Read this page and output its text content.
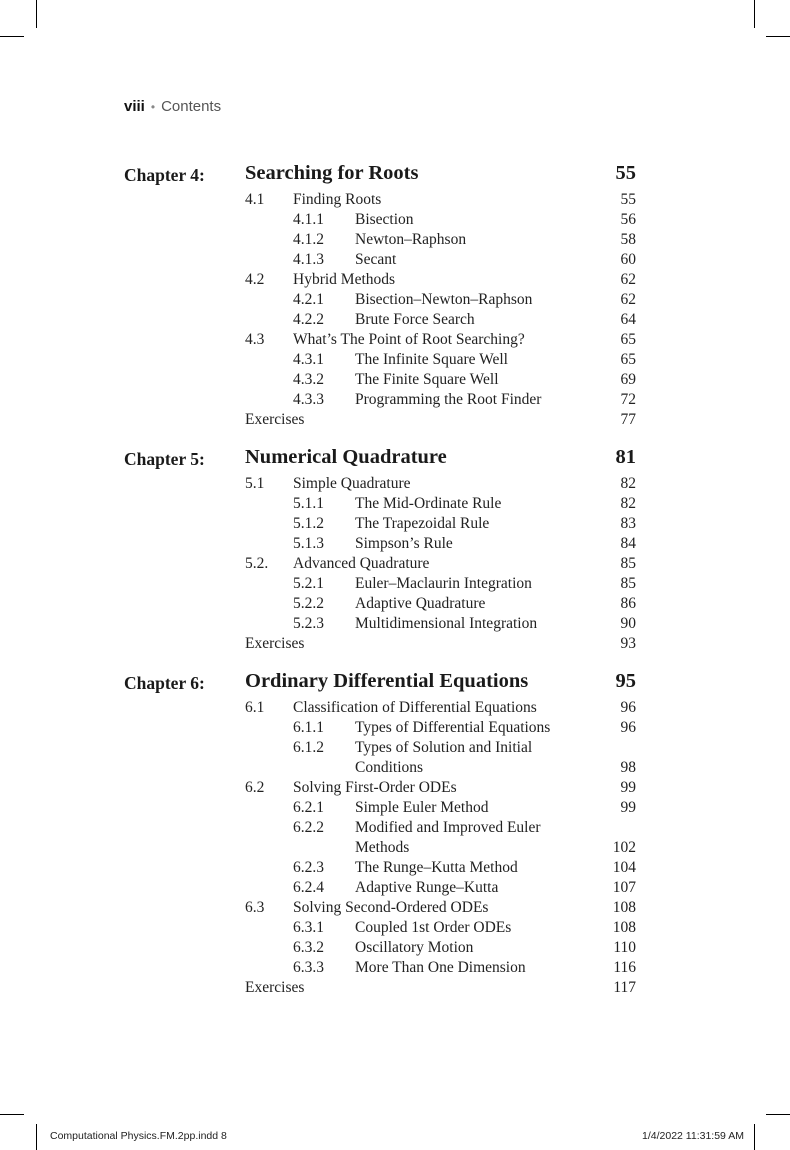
viii • Contents
Chapter 4: Searching for Roots	55
4.1 Finding Roots	55
4.1.1 Bisection	56
4.1.2 Newton–Raphson	58
4.1.3 Secant	60
4.2 Hybrid Methods	62
4.2.1 Bisection–Newton–Raphson	62
4.2.2 Brute Force Search	64
4.3 What’s The Point of Root Searching?	65
4.3.1 The Infinite Square Well	65
4.3.2 The Finite Square Well	69
4.3.3 Programming the Root Finder	72
Exercises	77
Chapter 5: Numerical Quadrature	81
5.1 Simple Quadrature	82
5.1.1 The Mid-Ordinate Rule	82
5.1.2 The Trapezoidal Rule	83
5.1.3 Simpson’s Rule	84
5.2. Advanced Quadrature	85
5.2.1 Euler–Maclaurin Integration	85
5.2.2 Adaptive Quadrature	86
5.2.3 Multidimensional Integration	90
Exercises	93
Chapter 6: Ordinary Differential Equations	95
6.1 Classification of Differential Equations	96
6.1.1 Types of Differential Equations	96
6.1.2 Types of Solution and Initial
Conditions	98
6.2 Solving First-Order ODEs	99
6.2.1 Simple Euler Method	99
6.2.2 Modified and Improved Euler
Methods	102
6.2.3 The Runge–Kutta Method	104
6.2.4 Adaptive Runge–Kutta	107
6.3 Solving Second-Ordered ODEs	108
6.3.1 Coupled 1st Order ODEs	108
6.3.2 Oscillatory Motion	110
6.3.3 More Than One Dimension	116
Exercises	117
Computational Physics.FM.2pp.indd 8	1/4/2022 11:31:59 AM
